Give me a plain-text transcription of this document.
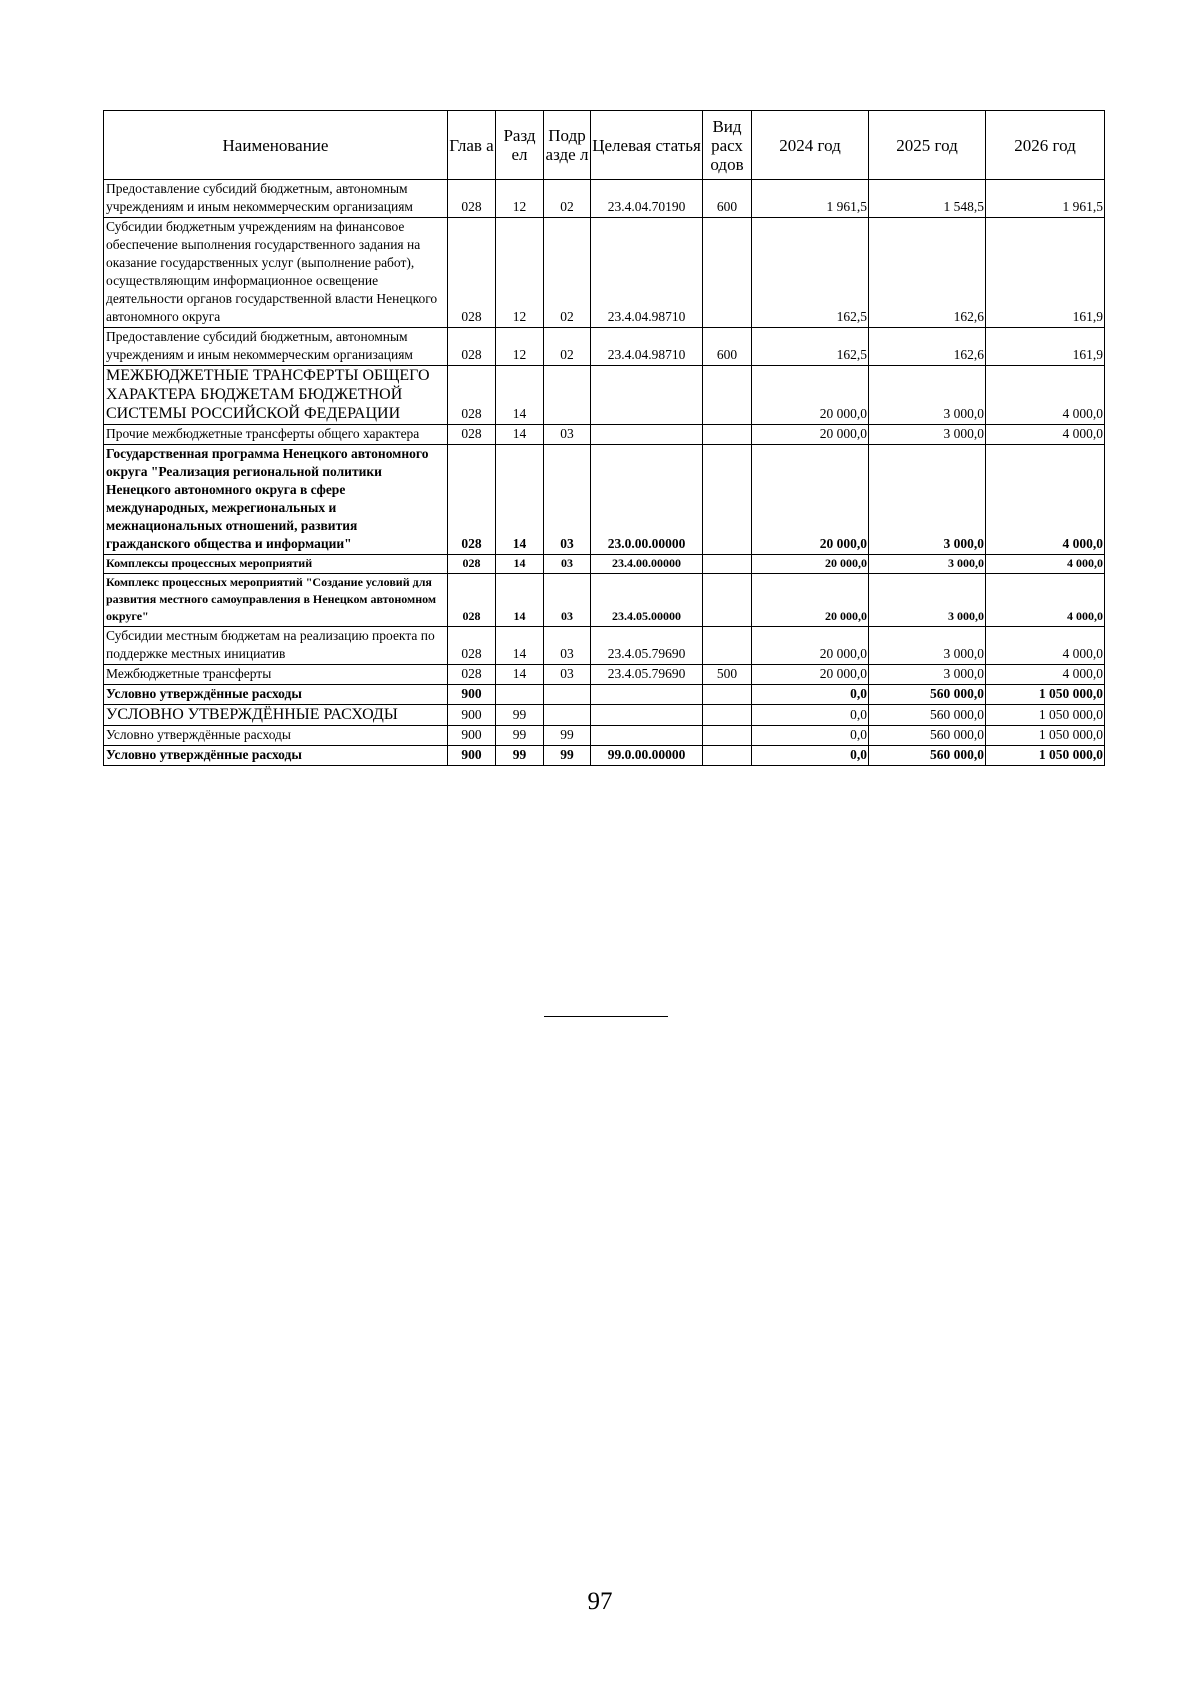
Наименование	Глав а	Разд ел	Подр азде л	Целевая статья	Вид расх одов	2024 год	2025 год	2026 год
Предоставление субсидий бюджетным, автономным учреждениям и иным некоммерческим организациям	028	12	02	23.4.04.70190	600	1 961,5	1 548,5	1 961,5
Субсидии бюджетным учреждениям на финансовое обеспечение выполнения государственного задания на оказание государственных услуг (выполнение работ), осуществляющим информационное освещение деятельности органов государственной власти Ненецкого автономного округа	028	12	02	23.4.04.98710		162,5	162,6	161,9
Предоставление субсидий бюджетным, автономным учреждениям и иным некоммерческим организациям	028	12	02	23.4.04.98710	600	162,5	162,6	161,9
МЕЖБЮДЖЕТНЫЕ ТРАНСФЕРТЫ ОБЩЕГО ХАРАКТЕРА БЮДЖЕТАМ БЮДЖЕТНОЙ СИСТЕМЫ РОССИЙСКОЙ ФЕДЕРАЦИИ	028	14				20 000,0	3 000,0	4 000,0
Прочие межбюджетные трансферты общего характера	028	14	03			20 000,0	3 000,0	4 000,0
Государственная программа Ненецкого автономного округа "Реализация региональной политики Ненецкого автономного округа в сфере международных, межрегиональных и межнациональных отношений, развития гражданского общества и информации"	028	14	03	23.0.00.00000		20 000,0	3 000,0	4 000,0
Комплексы процессных мероприятий	028	14	03	23.4.00.00000		20 000,0	3 000,0	4 000,0
Комплекс процессных мероприятий "Создание условий для развития местного самоуправления в Ненецком автономном округе"	028	14	03	23.4.05.00000		20 000,0	3 000,0	4 000,0
Субсидии местным бюджетам на реализацию проекта по поддержке местных инициатив	028	14	03	23.4.05.79690		20 000,0	3 000,0	4 000,0
Межбюджетные трансферты	028	14	03	23.4.05.79690	500	20 000,0	3 000,0	4 000,0
Условно утверждённые расходы	900					0,0	560 000,0	1 050 000,0
УСЛОВНО УТВЕРЖДЁННЫЕ РАСХОДЫ	900	99				0,0	560 000,0	1 050 000,0
Условно утверждённые расходы	900	99	99			0,0	560 000,0	1 050 000,0
Условно утверждённые расходы	900	99	99	99.0.00.00000		0,0	560 000,0	1 050 000,0
97
